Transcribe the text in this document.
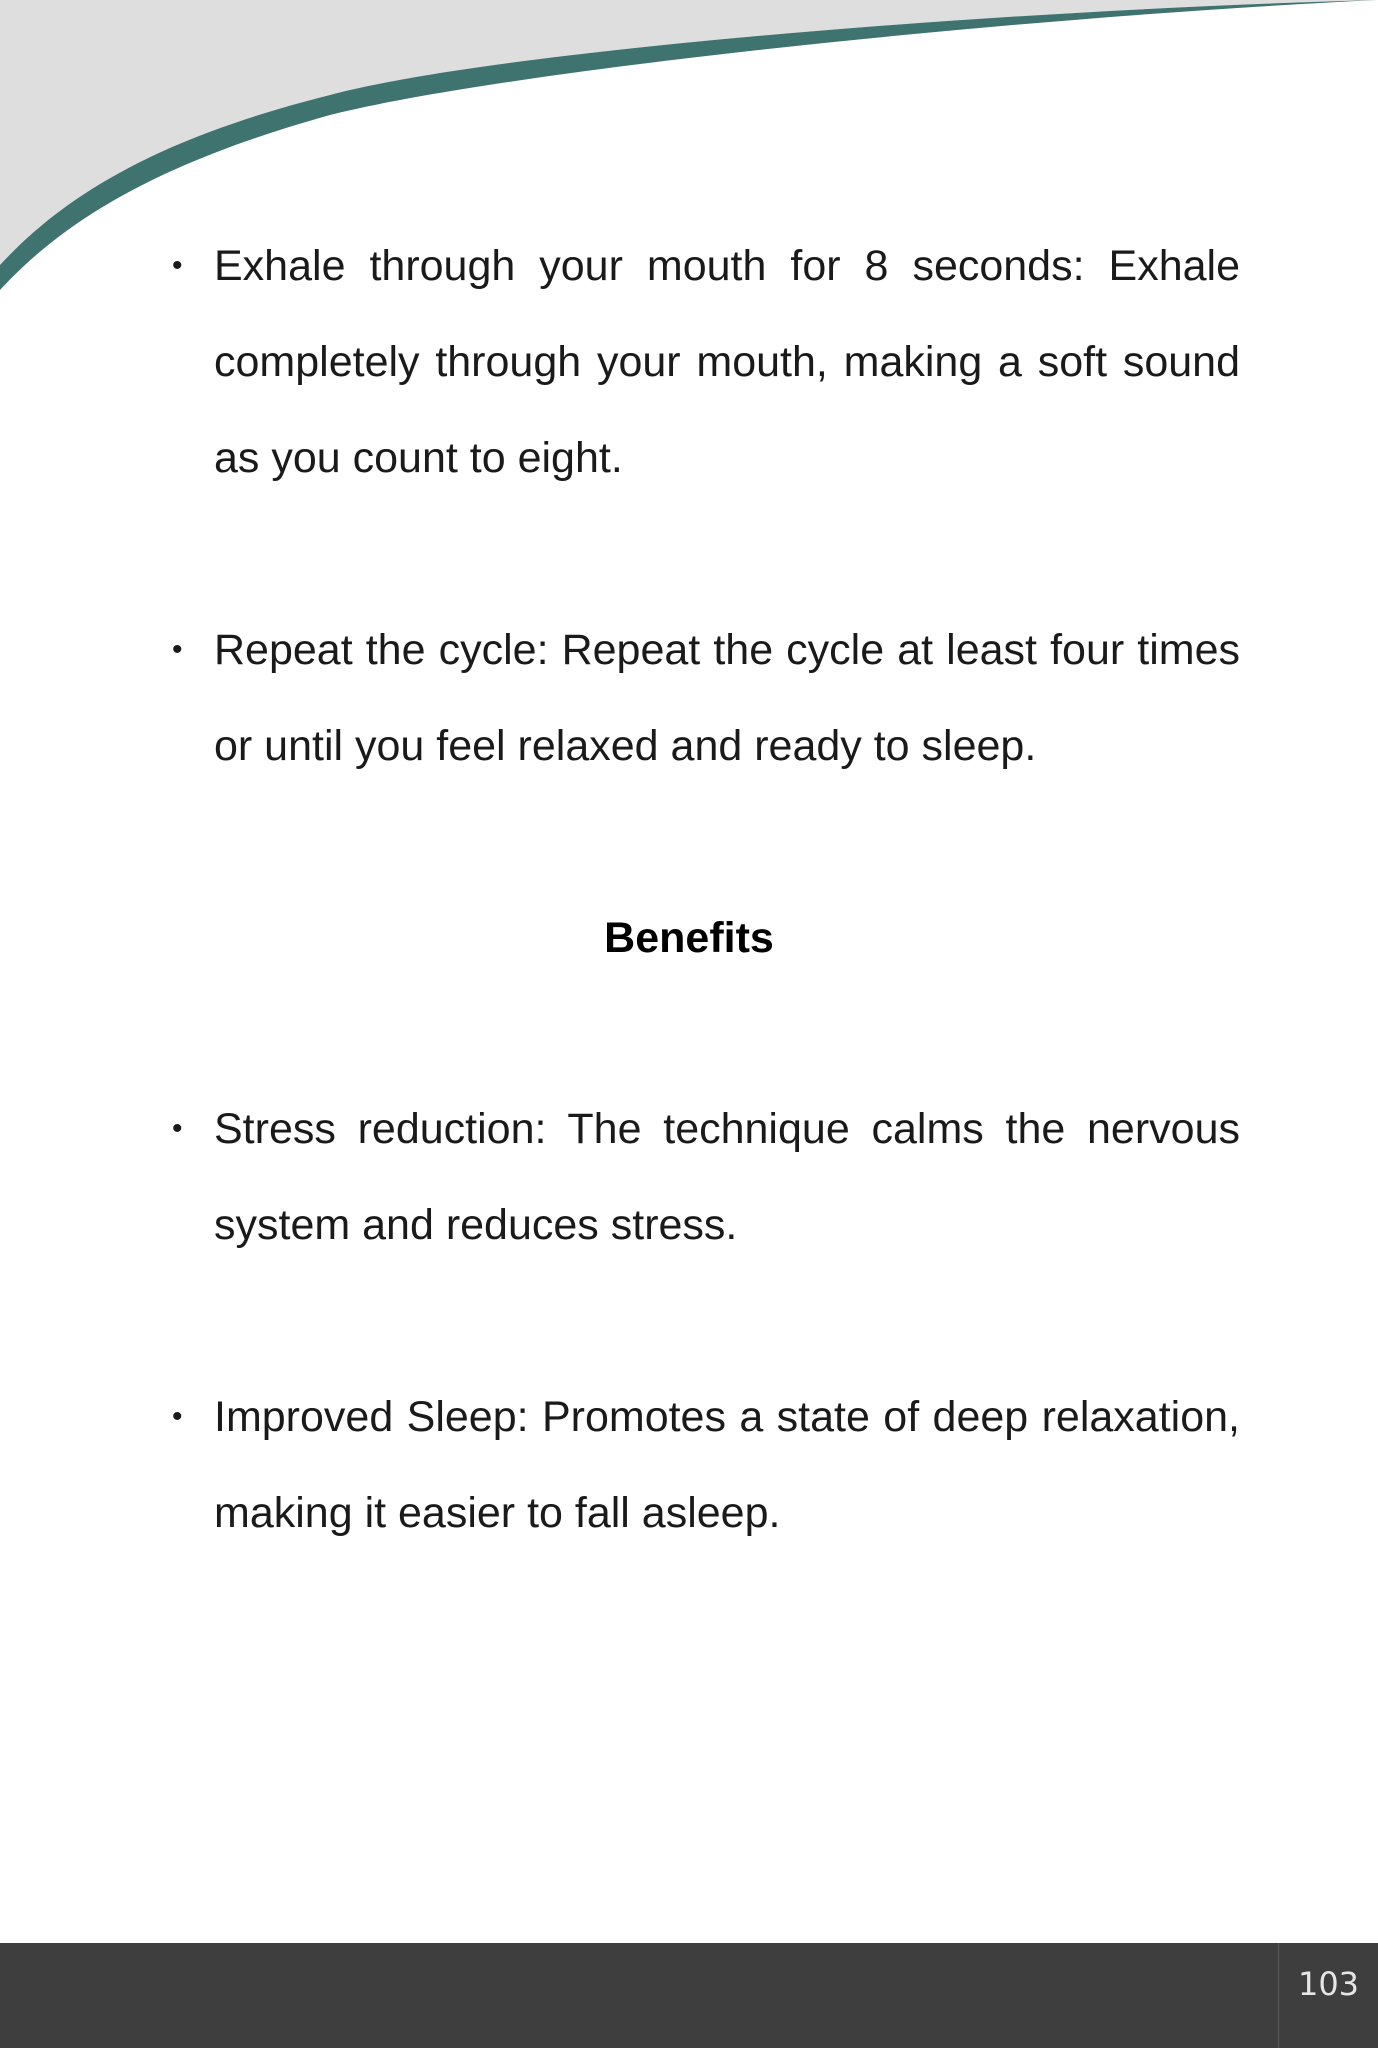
• Exhale through your mouth for 8 seconds: Exhale completely through your mouth, making a soft sound as you count to eight.
• Repeat the cycle: Repeat the cycle at least four times or until you feel relaxed and ready to sleep.
Benefits
• Stress reduction: The technique calms the nervous system and reduces stress.
• Improved Sleep: Promotes a state of deep relaxation, making it easier to fall asleep.
103
